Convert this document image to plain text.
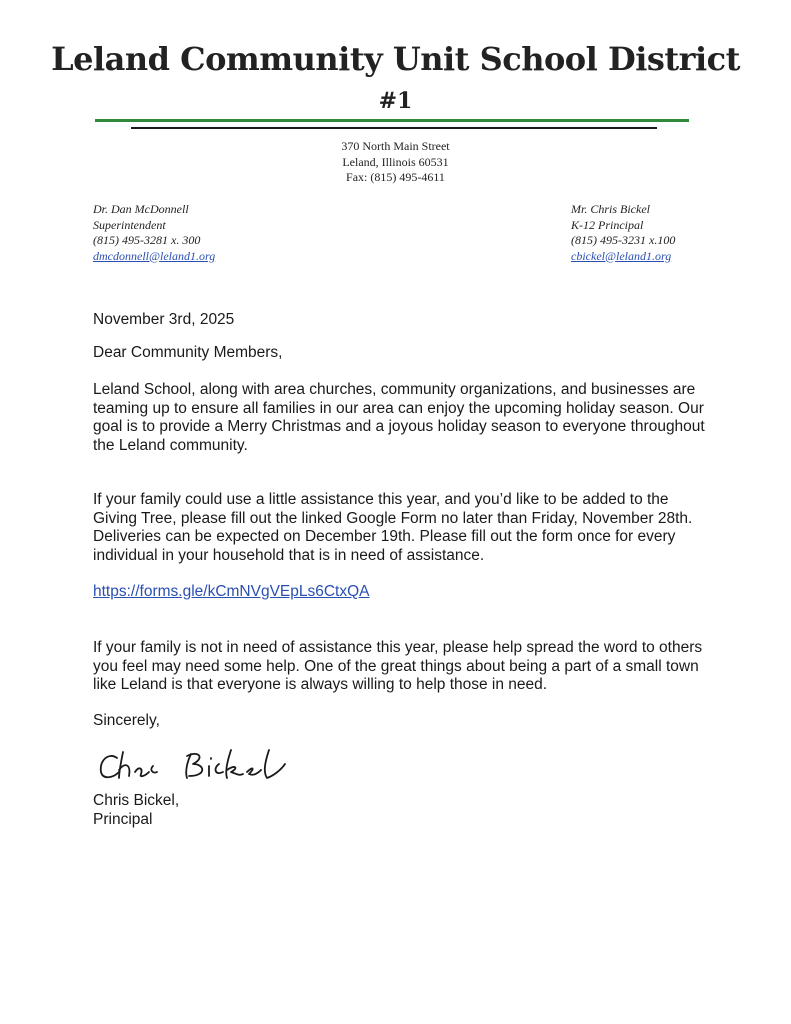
Leland Community Unit School District
#1
370 North Main Street
Leland, Illinois 60531
Fax: (815) 495-4611
Dr. Dan McDonnell
Superintendent
(815) 495-3281 x. 300
dmcdonnell@leland1.org
Mr. Chris Bickel
K-12 Principal
(815) 495-3231 x.100
cbickel@leland1.org
November 3rd, 2025
Dear Community Members,
Leland School, along with area churches, community organizations, and businesses are teaming up to ensure all families in our area can enjoy the upcoming holiday season. Our goal is to provide a Merry Christmas and a joyous holiday season to everyone throughout the Leland community.
If your family could use a little assistance this year, and you’d like to be added to the Giving Tree, please fill out the linked Google Form no later than Friday, November 28th. Deliveries can be expected on December 19th. Please fill out the form once for every individual in your household that is in need of assistance.
https://forms.gle/kCmNVgVEpLs6CtxQA
If your family is not in need of assistance this year, please help spread the word to others you feel may need some help. One of the great things about being a part of a small town like Leland is that everyone is always willing to help those in need.
Sincerely,
Chris Bickel,
Principal
